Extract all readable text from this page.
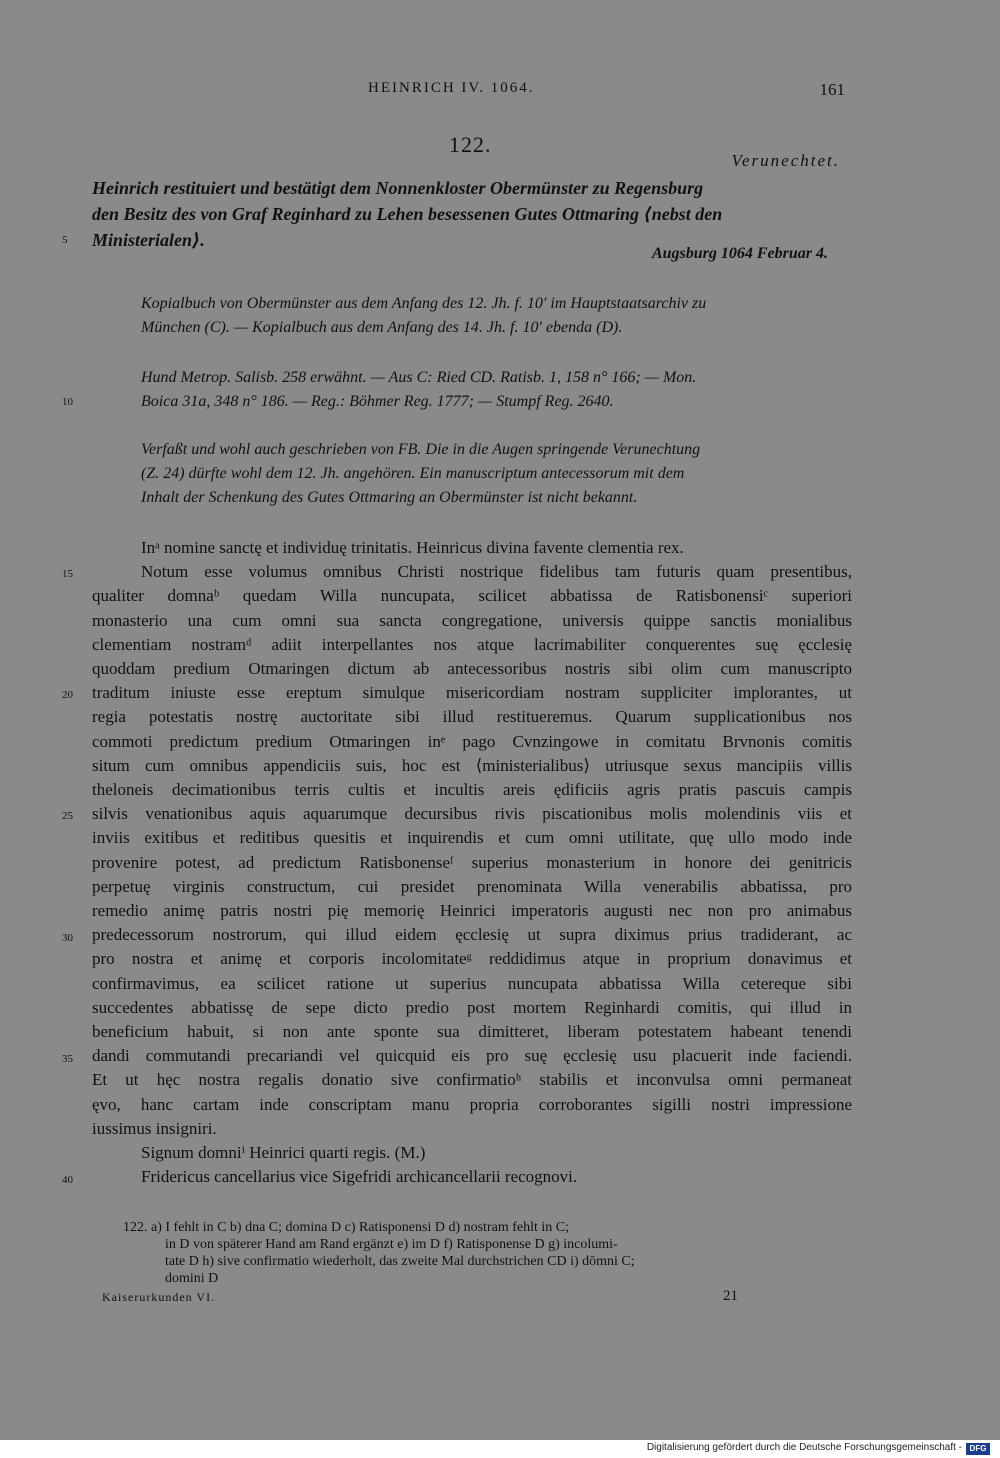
HEINRICH IV. 1064.	161
122.
Verunechtet.
Heinrich restituiert und bestätigt dem Nonnenkloster Obermünster zu Regensburg
den Besitz des von Graf Reginhard zu Lehen besessenen Gutes Ottmaring ⟨nebst den
Ministerialen⟩.
Augsburg 1064 Februar 4.
Kopialbuch von Obermünster aus dem Anfang des 12. Jh. f. 10′ im Hauptstaatsarchiv zu
München (C). — Kopialbuch aus dem Anfang des 14. Jh. f. 10′ ebenda (D).
Hund Metrop. Salisb. 258 erwähnt. — Aus C: Ried CD. Ratisb. 1, 158 n° 166; — Mon.
Boica 31a, 348 n° 186. — Reg.: Böhmer Reg. 1777; — Stumpf Reg. 2640.
Verfaßt und wohl auch geschrieben von FB. Die in die Augen springende Verunechtung
(Z. 24) dürfte wohl dem 12. Jh. angehören. Ein manuscriptum antecessorum mit dem
Inhalt der Schenkung des Gutes Ottmaring an Obermünster ist nicht bekannt.
5
10
15
20
25
30
35
40
Inᵃ nomine sanctę et individuę trinitatis. Heinricus divina favente clementia rex.
Notum esse volumus omnibus Christi nostrique fidelibus tam futuris quam presentibus,
qualiter domnaᵇ quedam Willa nuncupata, scilicet abbatissa de Ratisbonensiᶜ superiori
monasterio una cum omni sua sancta congregatione, universis quippe sanctis monialibus
clementiam nostramᵈ adiit interpellantes nos atque lacrimabiliter conquerentes suę ęcclesię
quoddam predium Otmaringen dictum ab antecessoribus nostris sibi olim cum manuscripto
traditum iniuste esse ereptum simulque misericordiam nostram suppliciter implorantes, ut
regia potestatis nostrę auctoritate sibi illud restitueremus. Quarum supplicationibus nos
commoti predictum predium Otmaringen inᵉ pago Cvnzingowe in comitatu Brvnonis comitis
situm cum omnibus appendiciis suis, hoc est ⟨ministerialibus⟩ utriusque sexus mancipiis villis
theloneis decimationibus terris cultis et incultis areis ędificiis agris pratis pascuis campis
silvis venationibus aquis aquarumque decursibus rivis piscationibus molis molendinis viis et
inviis exitibus et reditibus quesitis et inquirendis et cum omni utilitate, quę ullo modo inde
provenire potest, ad predictum Ratisbonenseᶠ superius monasterium in honore dei genitricis
perpetuę virginis constructum, cui presidet prenominata Willa venerabilis abbatissa, pro
remedio animę patris nostri pię memorię Heinrici imperatoris augusti nec non pro animabus
predecessorum nostrorum, qui illud eidem ęcclesię ut supra diximus prius tradiderant, ac
pro nostra et animę et corporis incolomitateᵍ reddidimus atque in proprium donavimus et
confirmavimus, ea scilicet ratione ut superius nuncupata abbatissa Willa cetereque sibi
succedentes abbatissę de sepe dicto predio post mortem Reginhardi comitis, qui illud in
beneficium habuit, si non ante sponte sua dimitteret, liberam potestatem habeant tenendi
dandi commutandi precariandi vel quicquid eis pro suę ęcclesię usu placuerit inde faciendi.
Et ut hęc nostra regalis donatio sive confirmatioʰ stabilis et inconvulsa omni permaneat
ęvo, hanc cartam inde conscriptam manu propria corroborantes sigilli nostri impressione
iussimus insigniri.
Signum domniⁱ Heinrici quarti regis. (M.)
Fridericus cancellarius vice Sigefridi archicancellarii recognovi.
122. a) I fehlt in C b) dna C; domina D c) Ratisponensi D d) nostram fehlt in C;
in D von späterer Hand am Rand ergänzt e) im D f) Ratisponense D g) incolumi-
tate D h) sive confirmatio wiederholt, das zweite Mal durchstrichen CD i) dōmni C;
domini D
Kaiserurkunden VI.	21
Digitalisierung gefördert durch die Deutsche Forschungsgemeinschaft - DFG
